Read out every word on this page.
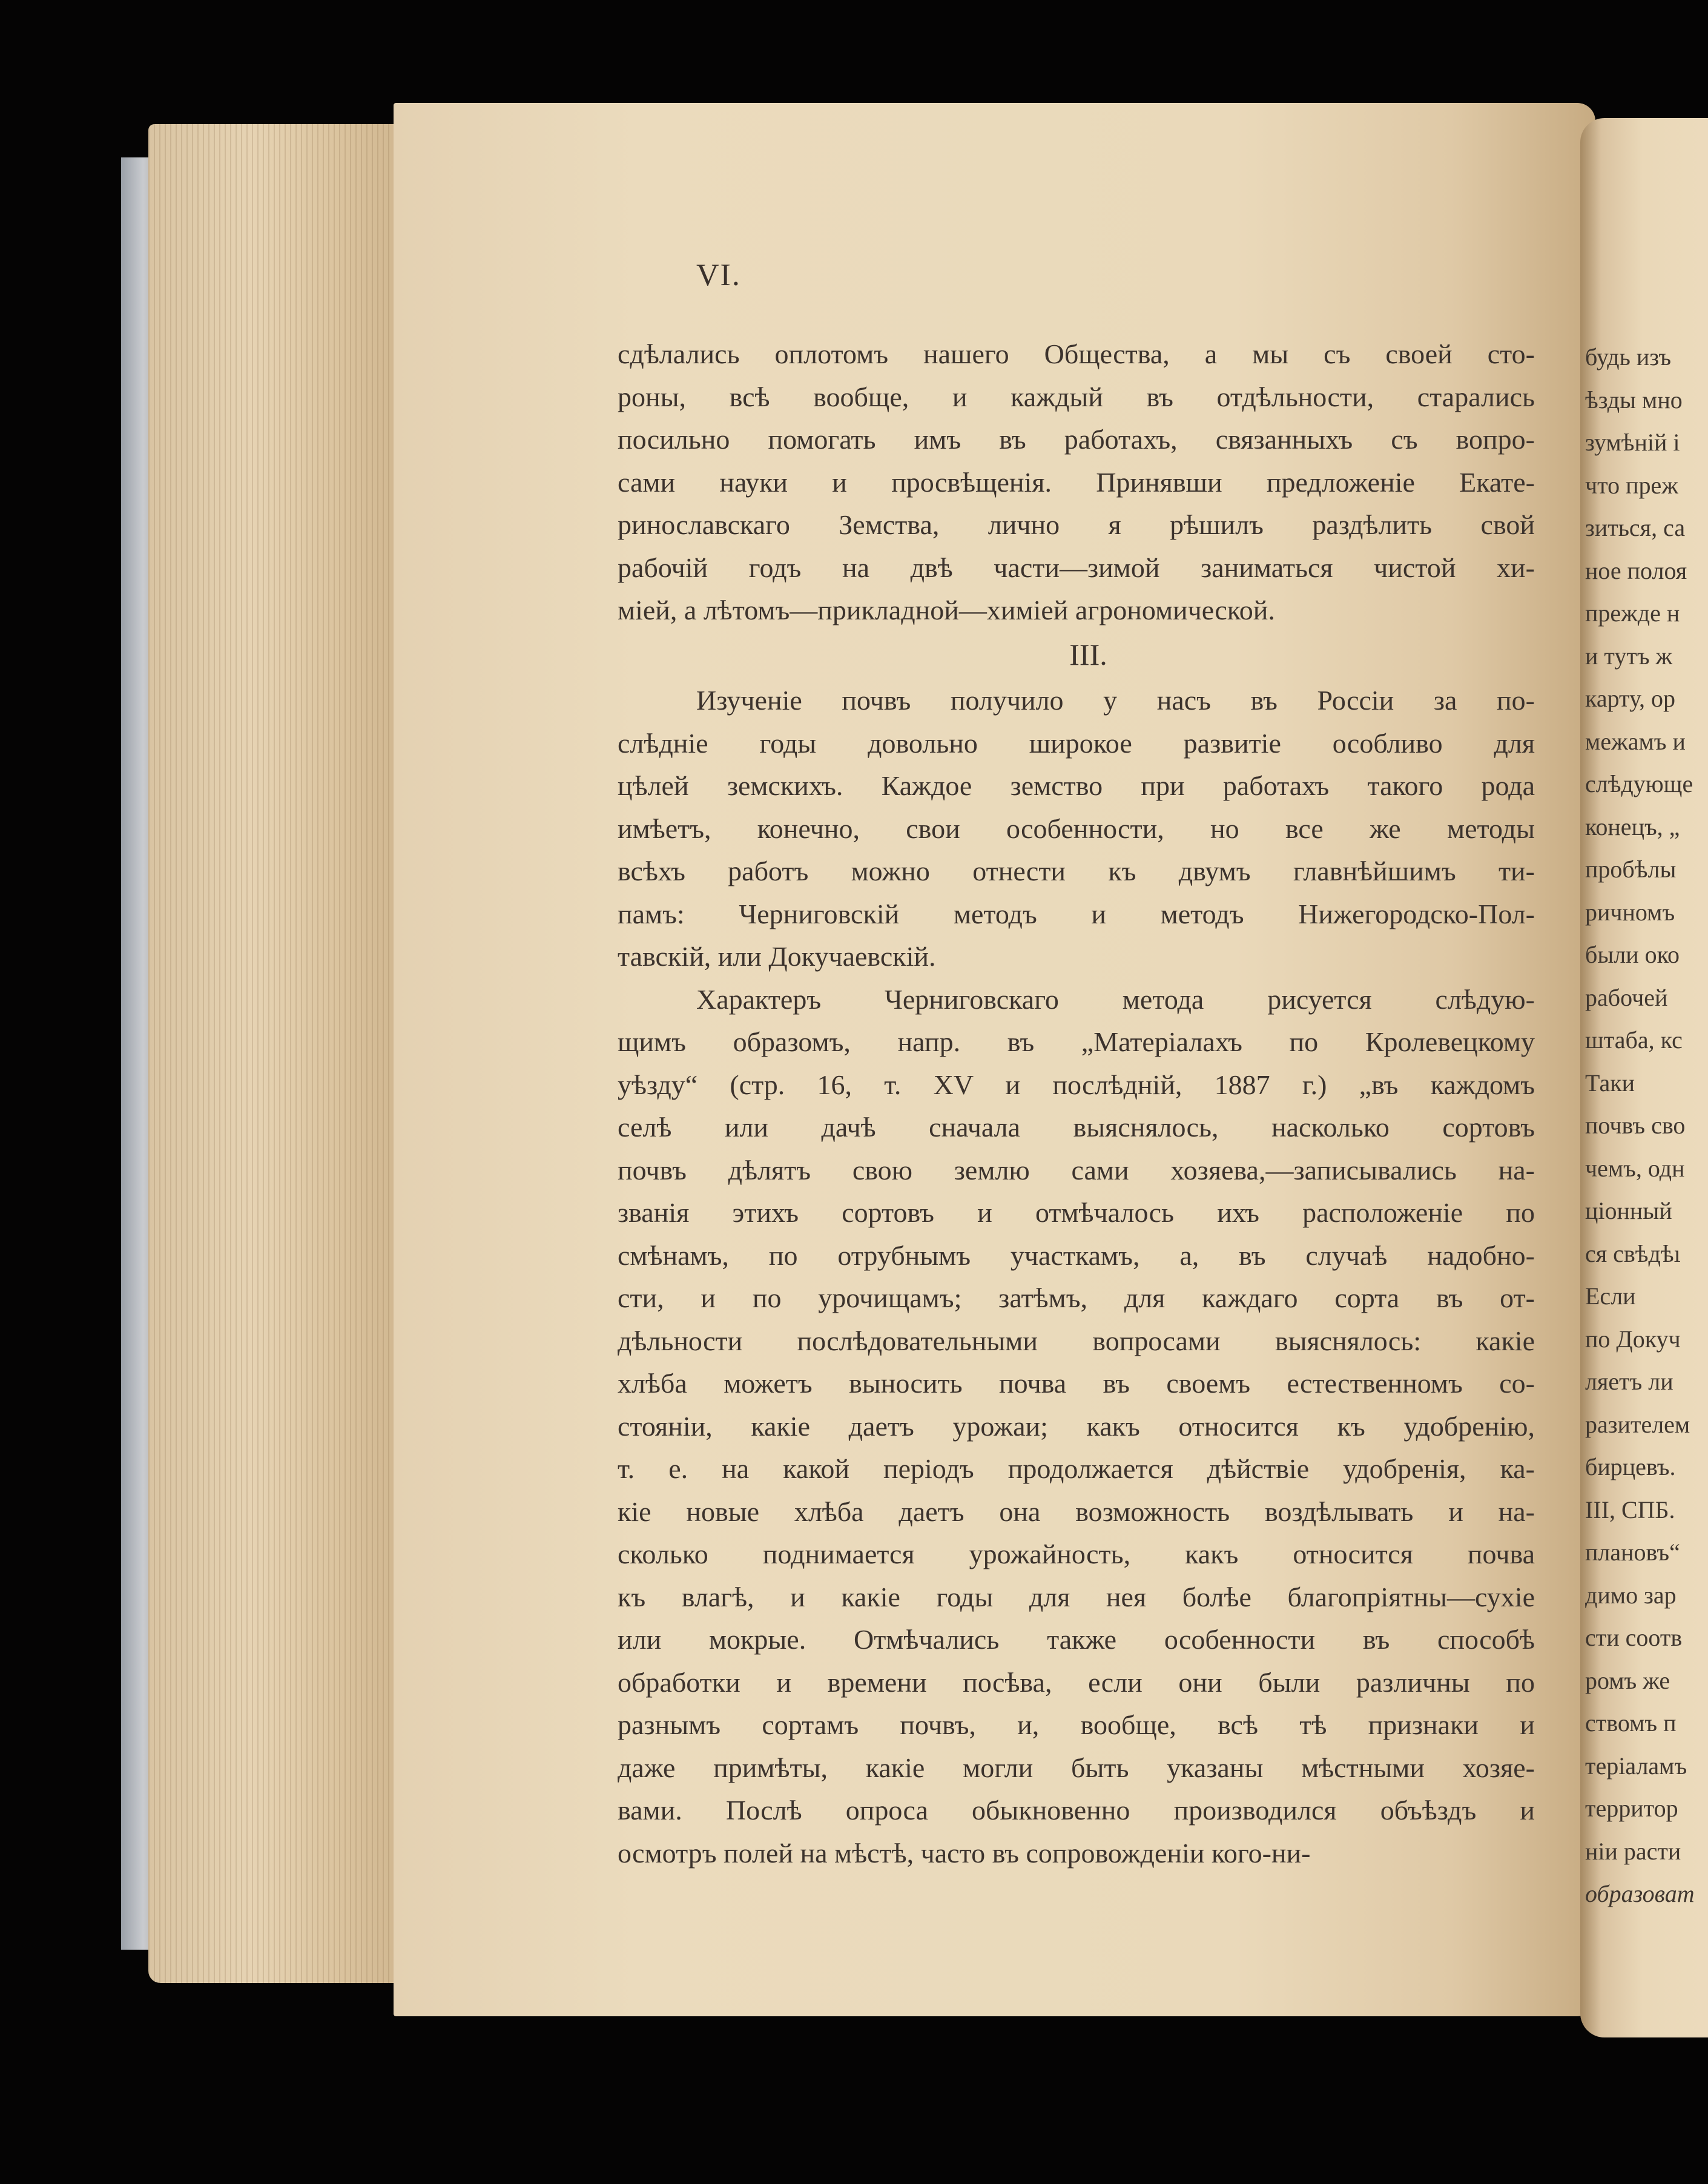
VI.
сдѣлались оплотомъ нашего Общества, а мы съ своей сто-
роны, всѣ вообще, и каждый въ отдѣльности, старались
посильно помогать имъ въ работахъ, связанныхъ съ вопро-
сами науки и просвѣщенія. Принявши предложеніе Екате-
ринославскаго Земства, лично я рѣшилъ раздѣлить свой
рабочій годъ на двѣ части—зимой заниматься чистой хи-
міей, а лѣтомъ—прикладной—химіей агрономической.
III.
Изученіе почвъ получило у насъ въ Россіи за по-
слѣдніе годы довольно широкое развитіе особливо для
цѣлей земскихъ. Каждое земство при работахъ такого рода
имѣетъ, конечно, свои особенности, но все же методы
всѣхъ работъ можно отнести къ двумъ главнѣйшимъ ти-
памъ: Черниговскій методъ и методъ Нижегородско-Пол-
тавскій, или Докучаевскій.
Характеръ Черниговскаго метода рисуется слѣдую-
щимъ образомъ, напр. въ „Матеріалахъ по Кролевецкому
уѣзду“ (стр. 16, т. XV и послѣдній, 1887 г.) „въ каждомъ
селѣ или дачѣ сначала выяснялось, насколько сортовъ
почвъ дѣлятъ свою землю сами хозяева,—записывались на-
званія этихъ сортовъ и отмѣчалось ихъ расположеніе по
смѣнамъ, по отрубнымъ участкамъ, а, въ случаѣ надобно-
сти, и по урочищамъ; затѣмъ, для каждаго сорта въ от-
дѣльности послѣдовательными вопросами выяснялось: какіе
хлѣба можетъ выносить почва въ своемъ естественномъ со-
стояніи, какіе даетъ урожаи; какъ относится къ удобренію,
т. е. на какой періодъ продолжается дѣйствіе удобренія, ка-
кіе новые хлѣба даетъ она возможность воздѣлывать и на-
сколько поднимается урожайность, какъ относится почва
къ влагѣ, и какіе годы для нея болѣе благопріятны—сухіе
или мокрые. Отмѣчались также особенности въ способѣ
обработки и времени посѣва, если они были различны по
разнымъ сортамъ почвъ, и, вообще, всѣ тѣ признаки и
даже примѣты, какіе могли быть указаны мѣстными хозяе-
вами. Послѣ опроса обыкновенно производился объѣздъ и
осмотръ полей на мѣстѣ, часто въ сопровожденіи кого-ни-
будь изъ
ѣзды мно
зумѣній і
что преж
зиться, са
ное полоя
прежде н
и тутъ ж
карту, ор
межамъ и
слѣдующе
конецъ, „
пробѣлы
ричномъ
были око
рабочей
штаба, кс
Таки
почвъ сво
чемъ, одн
ціонный
ся свѣдѣı
Если
по Докуч
ляетъ ли
разителем
бирцевъ.
III, СПБ.
плановъ“
димо зар
сти соотв
ромъ же
ствомъ п
теріаламъ
территор
ніи расти
образоват
